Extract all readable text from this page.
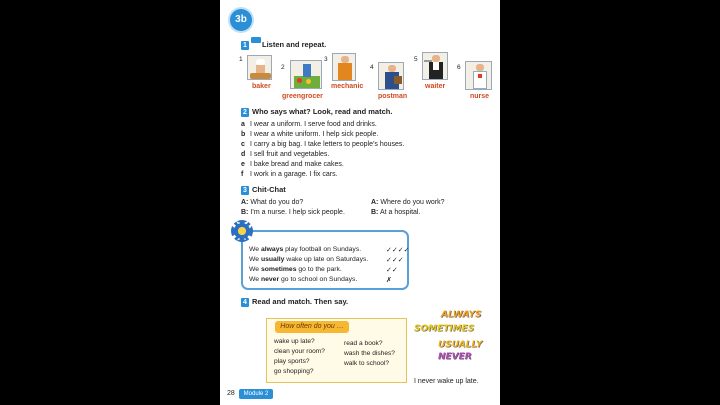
3b
1 Listen and repeat.
1
baker
2
greengrocer
3
mechanic
4
postman
5
waiter
6
nurse
2 Who says what? Look, read and match.
a I wear a uniform. I serve food and drinks.
b I wear a white uniform. I help sick people.
c I carry a big bag. I take letters to people’s houses.
d I sell fruit and vegetables.
e I bake bread and make cakes.
f I work in a garage. I fix cars.
3 Chit-Chat
A: What do you do?
B: I’m a nurse. I help sick people.
A: Where do you work?
B: At a hospital.
We always play football on Sundays.	✓✓✓✓
We usually wake up late on Saturdays.	✓✓✓
We sometimes go to the park.	✓✓
We never go to school on Sundays.	✗
4 Read and match. Then say.
How often do you …
wake up late?
clean your room?
play sports?
go shopping?
read a book?
wash the dishes?
walk to school?
ALWAYS
SOMETIMES
USUALLY
NEVER
I never wake up late.
28	Module 2
